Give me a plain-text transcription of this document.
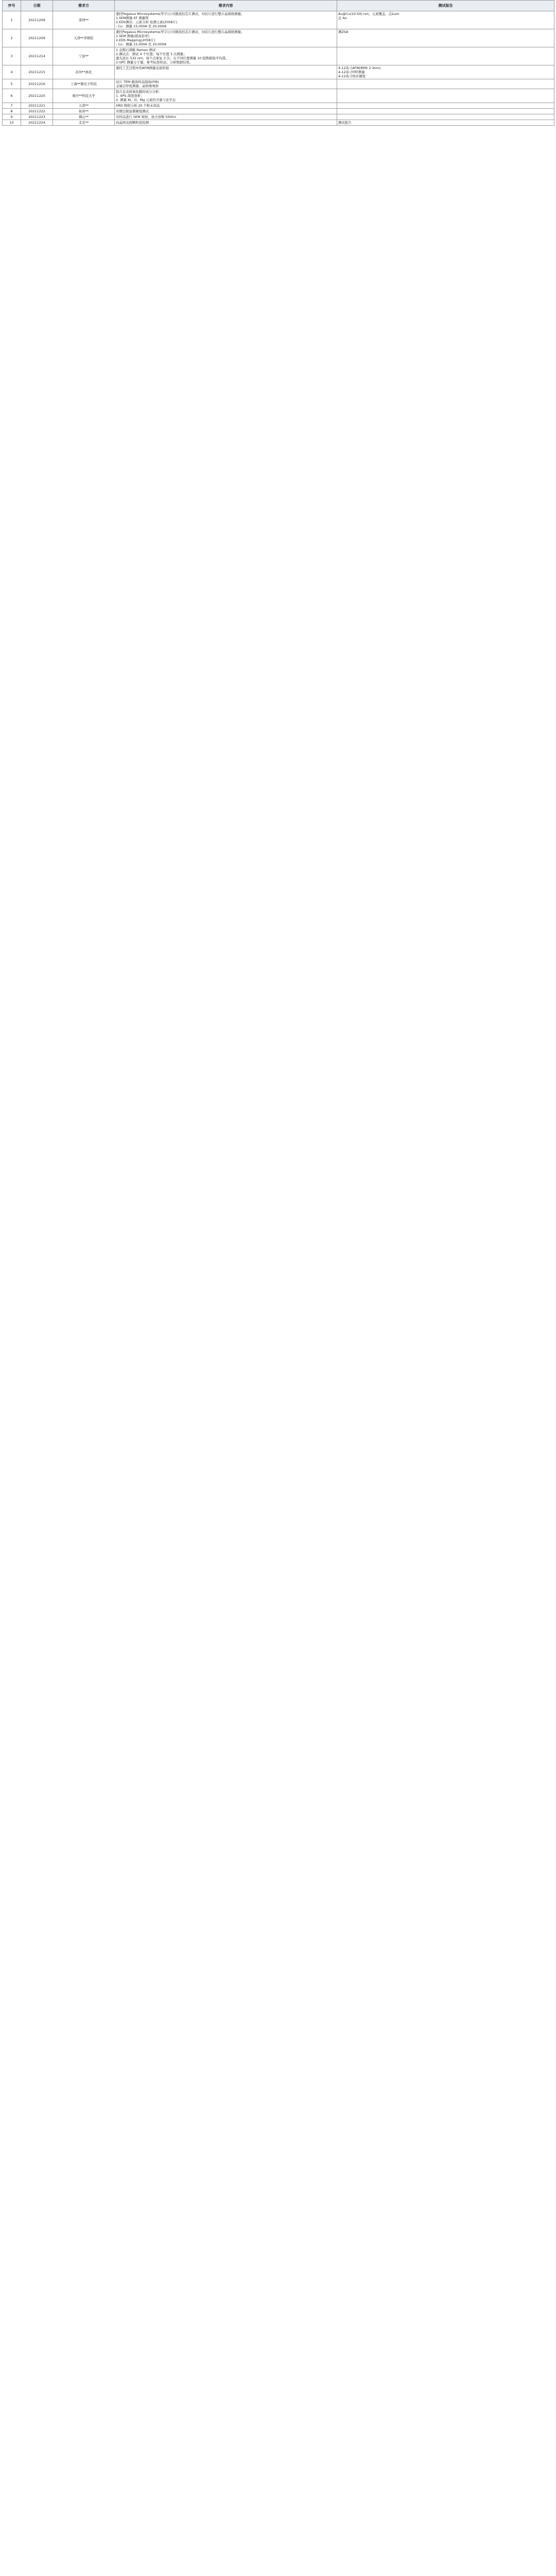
序号	日期	需求方	需求内容	测试报告
1	20211209	深圳**	委托Pegasus Microsystems(华宇)公司微流控芯片测试，对硅片进行整片晶圆级测量。
1.SEM测量 EF 测量图
2.EDS测试：元素分析 检测元素(2058片)
- Cu：测量 15,000A 至 20,000A	Au@Cu(10-50) nm，元素覆盖，点2um
总 Au
2	20211209	天津**华研院	委托Pegasus Microsystems(华宇)公司微流控芯片测试，对硅片进行整片晶圆级测量。
1.SEM 测量(超高倍率)
2.EDS Mapping(2058片)
- Cu：测量 15,000A 至 20,000A	测ZSA
3	20211214	宁波**	1.金刚石薄膜 Raman 测试：
2.测试点：测试 4 个位置；每个位置 3 次测量；
激光波长 532 nm；每个点重复 3 次；在不同位置测量 10 组数据取平均值。
2.GPC 测量分子量；参考标准样品；分析数据结果。	
4	20211215	苏州**离化	委托工艺过程中的AFM测量表面形貌	4-12英寸AFM(RMS 2.3nm)
4-12英寸FRT测量
4-12英寸纳米硬度
5	20211216	上海**微电子科技	硅片 TEM 截面样品制备(FIB)
金属层厚度测量；晶格像观察	
6	20211220	重庆**科技大学	铝合金表面氧化膜的成分分析：
1. XPS 深度剖析；
2. 测量 Al、O、Mg 元素的含量与化学态	
7	20211221	天津**	XRD 物相分析 20 个粉末样品	
8	20211222	杭州**	对镀层做显微硬度测试	
9	20211223	佛山**	对样品进行 SEM 观察，放大倍数 5000×	
10	20211224	北京**	硅晶圆表面颗粒度检测	测试报告
